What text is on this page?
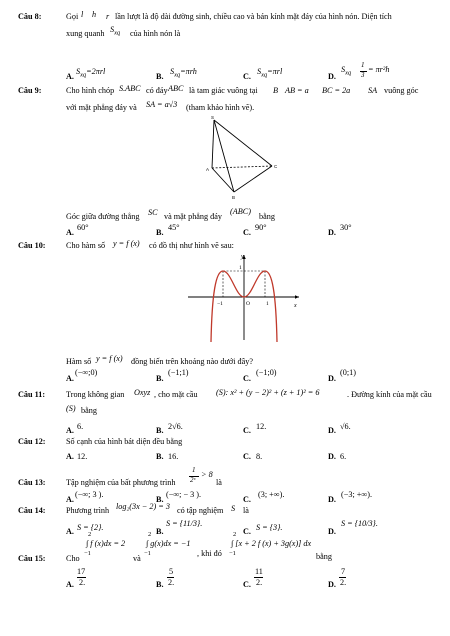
Câu 8:	Gọi l h r lần lượt là độ dài đường sinh, chiều cao và bán kính mặt đáy của hình nón. Diện tích
xung quanh $S_{xq}$ của hình nón là
A.
$S_{xq}=2\pi rl$
B.
$S_{xq}=\pi rh$
C.
$S_{xq}=\pi rl$
D.
$S_{xq}$
1
3
= πr²h
Câu 9:	Cho hình chóp S.ABC có đáy ABC là tam giác vuông tại B AB = a BC = 2a SA vuông góc
với mặt phẳng đáy và SA = a√3 (tham khảo hình vẽ).
S
A
B
C
Góc giữa đường thẳng SC và mặt phẳng đáy
(ABC)
bằng
A.
60°
B.
45°
C.
90°
D.
30°
Câu 10: Cho hàm số y = f (x) có đồ thị như hình vẽ sau:
y
x
O
1
−1	1
Hàm số y = f (x) đồng biến trên khoảng nào dưới đây?
A.
(−∞;0)
B.
(−1;1)
C.
(−1;0)
D.
(0;1)
Câu 11:	Trong không gian Oxyz , cho mặt cầu (S): x² + (y − 2)² + (z + 1)² = 6	. Đường kính của mặt cầu
(S) bằng
A. 6.	B. 2√6.	C. 12.	D. √6.
Câu 12: Số cạnh của hình bát diện đều bằng
A. 12.	B. 16.	C. 8.	D. 6.
Câu 13: Tập nghiệm của bất phương trình
1
2ˣ
> 8
là
A.
(−∞; 3 ).
B.
(−∞; − 3 ).
C.
(3; +∞).
D.
(−3; +∞).
Câu 14: Phương trình log₂(3x − 2) = 3 có tập nghiệm S là
A. S = {2}.	B.
S = {11/3}.
C. S = {3}.	D.
S = {10/3}.
Câu 15: Cho
2
−1
∫ f (x)dx = 2
và
2
−1
∫ g(x)dx = −1
, khi đó
2
−1
∫ [x + 2 f (x) + 3g(x)] dx
bằng
A.
17
2.	B.
5
2.	C.
11
2.	D.
7
2.
